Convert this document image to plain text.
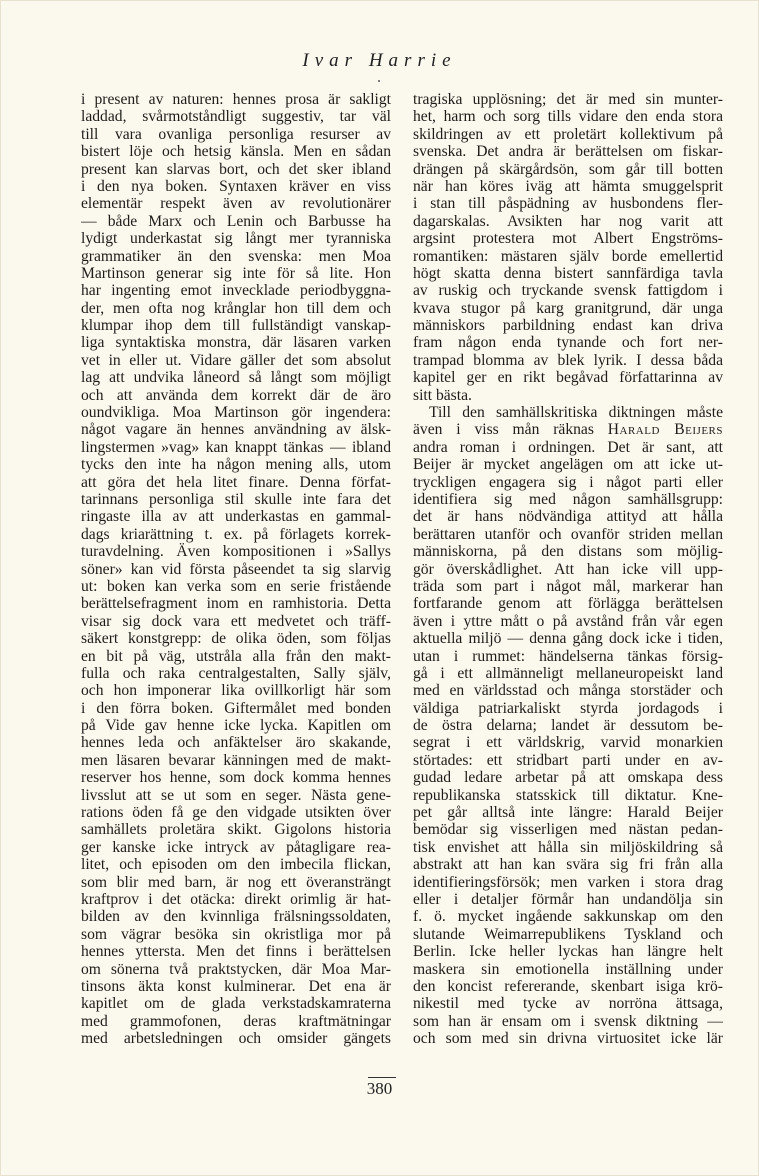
Ivar Harrie
i present av naturen: hennes prosa är sakligt
laddad, svårmotståndligt suggestiv, tar väl
till vara ovanliga personliga resurser av
bistert löje och hetsig känsla. Men en sådan
present kan slarvas bort, och det sker ibland
i den nya boken. Syntaxen kräver en viss
elementär respekt även av revolutionärer
— både Marx och Lenin och Barbusse ha
lydigt underkastat sig långt mer tyranniska
grammatiker än den svenska: men Moa
Martinson generar sig inte för så lite. Hon
har ingenting emot invecklade periodbyggna-
der, men ofta nog krånglar hon till dem och
klumpar ihop dem till fullständigt vanskap-
liga syntaktiska monstra, där läsaren varken
vet in eller ut. Vidare gäller det som absolut
lag att undvika låneord så långt som möjligt
och att använda dem korrekt där de äro
oundvikliga. Moa Martinson gör ingendera:
något vagare än hennes användning av älsk-
lingstermen »vag» kan knappt tänkas — ibland
tycks den inte ha någon mening alls, utom
att göra det hela litet finare. Denna förfat-
tarinnans personliga stil skulle inte fara det
ringaste illa av att underkastas en gammal-
dags kriarättning t. ex. på förlagets korrek-
turavdelning. Även kompositionen i »Sallys
söner» kan vid första påseendet ta sig slarvig
ut: boken kan verka som en serie fristående
berättelsefragment inom en ramhistoria. Detta
visar sig dock vara ett medvetet och träff-
säkert konstgrepp: de olika öden, som följas
en bit på väg, utstråla alla från den makt-
fulla och raka centralgestalten, Sally själv,
och hon imponerar lika ovillkorligt här som
i den förra boken. Giftermålet med bonden
på Vide gav henne icke lycka. Kapitlen om
hennes leda och anfäktelser äro skakande,
men läsaren bevarar känningen med de makt-
reserver hos henne, som dock komma hennes
livsslut att se ut som en seger. Nästa gene-
rations öden få ge den vidgade utsikten över
samhällets proletära skikt. Gigolons historia
ger kanske icke intryck av påtagligare rea-
litet, och episoden om den imbecila flickan,
som blir med barn, är nog ett överansträngt
kraftprov i det otäcka: direkt orimlig är hat-
bilden av den kvinnliga frälsningssoldaten,
som vägrar besöka sin okristliga mor på
hennes yttersta. Men det finns i berättelsen
om sönerna två praktstycken, där Moa Mar-
tinsons äkta konst kulminerar. Det ena är
kapitlet om de glada verkstadskamraterna
med grammofonen, deras kraftmätningar
med arbetsledningen och omsider gängets
tragiska upplösning; det är med sin munter-
het, harm och sorg tills vidare den enda stora
skildringen av ett proletärt kollektivum på
svenska. Det andra är berättelsen om fiskar-
drängen på skärgårdsön, som går till botten
när han köres iväg att hämta smuggelsprit
i stan till påspädning av husbondens fler-
dagarskalas. Avsikten har nog varit att
argsint protestera mot Albert Engströms-
romantiken: mästaren själv borde emellertid
högt skatta denna bistert sannfärdiga tavla
av ruskig och tryckande svensk fattigdom i
kvava stugor på karg granitgrund, där unga
människors parbildning endast kan driva
fram någon enda tynande och fort ner-
trampad blomma av blek lyrik. I dessa båda
kapitel ger en rikt begåvad författarinna av
sitt bästa.
Till den samhällskritiska diktningen måste
även i viss mån räknas Harald Beijers
andra roman i ordningen. Det är sant, att
Beijer är mycket angelägen om att icke ut-
tryckligen engagera sig i något parti eller
identifiera sig med någon samhällsgrupp:
det är hans nödvändiga attityd att hålla
berättaren utanför och ovanför striden mellan
människorna, på den distans som möjlig-
gör överskådlighet. Att han icke vill upp-
träda som part i något mål, markerar han
fortfarande genom att förlägga berättelsen
även i yttre mått o på avstånd från vår egen
aktuella miljö — denna gång dock icke i tiden,
utan i rummet: händelserna tänkas försig-
gå i ett allmänneligt mellaneuropeiskt land
med en världsstad och många storstäder och
väldiga patriarkaliskt styrda jordagods i
de östra delarna; landet är dessutom be-
segrat i ett världskrig, varvid monarkien
störtades: ett stridbart parti under en av-
gudad ledare arbetar på att omskapa dess
republikanska statsskick till diktatur. Kne-
pet går alltså inte längre: Harald Beijer
bemödar sig visserligen med nästan pedan-
tisk envishet att hålla sin miljöskildring så
abstrakt att han kan svära sig fri från alla
identifieringsförsök; men varken i stora drag
eller i detaljer förmår han undandölja sin
f. ö. mycket ingående sakkunskap om den
slutande Weimarrepublikens Tyskland och
Berlin. Icke heller lyckas han längre helt
maskera sin emotionella inställning under
den koncist refererande, skenbart isiga krö-
nikestil med tycke av norröna ättsaga,
som han är ensam om i svensk diktning —
och som med sin drivna virtuositet icke lär
380
